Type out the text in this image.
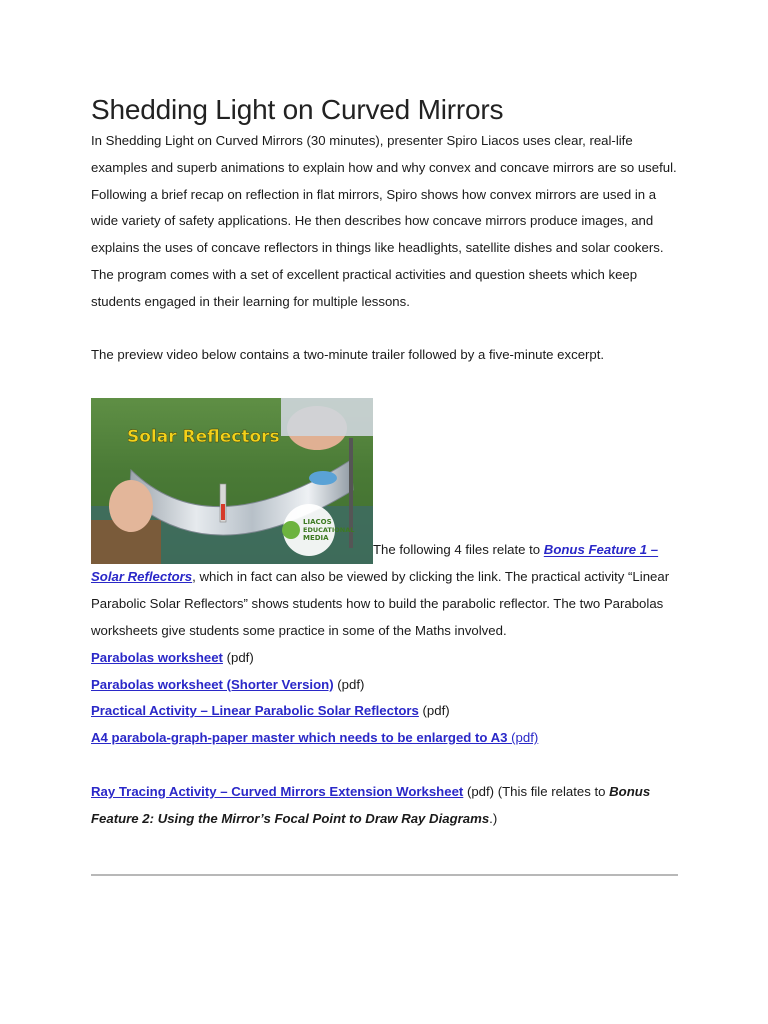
Shedding Light on Curved Mirrors

In Shedding Light on Curved Mirrors (30 minutes), presenter Spiro Liacos uses clear, real-life examples and superb animations to explain how and why convex and concave mirrors are so useful. Following a brief recap on reflection in flat mirrors, Spiro shows how convex mirrors are used in a wide variety of safety applications. He then describes how concave mirrors produce images, and explains the uses of concave reflectors in things like headlights, satellite dishes and solar cookers. The program comes with a set of excellent practical activities and question sheets which keep students engaged in their learning for multiple lessons.

The preview video below contains a two-minute trailer followed by a five-minute excerpt.

Solar Reflectors
LIACOS
EDUCATIONAL
MEDIA
The following 4 files relate to Bonus Feature 1 – Solar Reflectors, which in fact can also be viewed by clicking the link. The practical activity “Linear Parabolic Solar Reflectors” shows students how to build the parabolic reflector. The two Parabolas worksheets give students some practice in some of the Maths involved.
Parabolas worksheet (pdf)
Parabolas worksheet (Shorter Version) (pdf)
Practical Activity – Linear Parabolic Solar Reflectors (pdf)
A4 parabola-graph-paper master which needs to be enlarged to A3 (pdf)
Ray Tracing Activity – Curved Mirrors Extension Worksheet (pdf) (This file relates to Bonus Feature 2: Using the Mirror’s Focal Point to Draw Ray Diagrams.)
